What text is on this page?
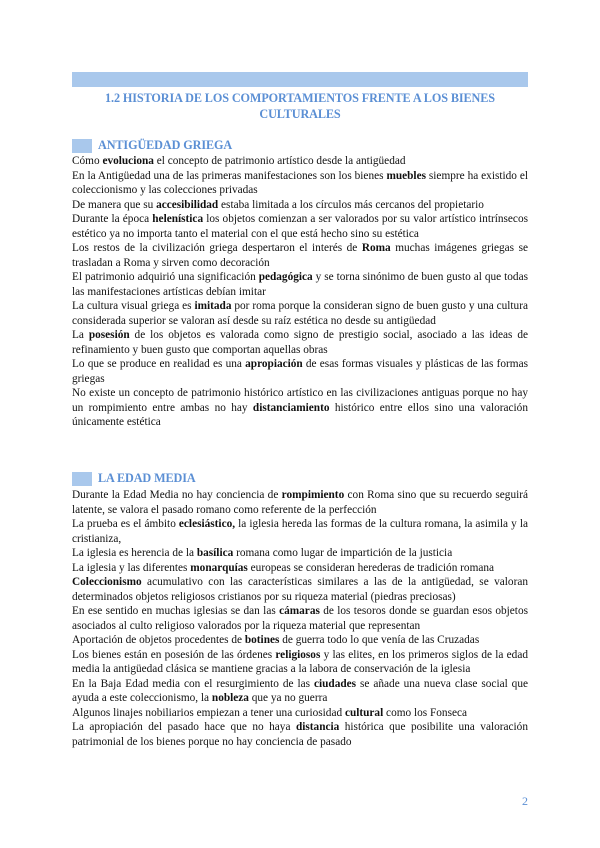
1.2 HISTORIA DE LOS COMPORTAMIENTOS FRENTE A LOS BIENES CULTURALES
ANTIGÜEDAD GRIEGA

Cómo evoluciona el concepto de patrimonio artístico desde la antigüedad

En la Antigüedad una de las primeras manifestaciones son los bienes muebles siempre ha existido el coleccionismo y las colecciones privadas

De manera que su accesibilidad estaba limitada a los círculos más cercanos del propietario

Durante la época helenística los objetos comienzan a ser valorados por su valor artístico intrínsecos estético ya no importa tanto el material con el que está hecho sino su estética

Los restos de la civilización griega despertaron el interés de Roma muchas imágenes griegas se trasladan a Roma y sirven como decoración

El patrimonio adquirió una significación pedagógica y se torna sinónimo de buen gusto al que todas las manifestaciones artísticas debían imitar

La cultura visual griega es imitada por roma porque la consideran signo de buen gusto y una cultura considerada superior se valoran así desde su raíz estética no desde su antigüedad

La posesión de los objetos es valorada como signo de prestigio social, asociado a las ideas de refinamiento y buen gusto que comportan aquellas obras

Lo que se produce en realidad es una apropiación de esas formas visuales y plásticas de las formas griegas

No existe un concepto de patrimonio histórico artístico en las civilizaciones antiguas porque no hay un rompimiento entre ambas no hay distanciamiento histórico entre ellos sino una valoración únicamente estética

LA EDAD MEDIA

Durante la Edad Media no hay conciencia de rompimiento con Roma sino que su recuerdo seguirá latente, se valora el pasado romano como referente de la perfección

La prueba es el ámbito eclesiástico, la iglesia hereda las formas de la cultura romana, la asimila y la cristianiza,

La iglesia es herencia de la basílica romana como lugar de impartición de la justicia

La iglesia y las diferentes monarquías europeas se consideran herederas de tradición romana

Coleccionismo acumulativo con las características similares a las de la antigüedad, se valoran determinados objetos religiosos cristianos por su riqueza material (piedras preciosas)

En ese sentido en muchas iglesias se dan las cámaras de los tesoros donde se guardan esos objetos asociados al culto religioso valorados por la riqueza material que representan

Aportación de objetos procedentes de botines de guerra todo lo que venía de las Cruzadas

Los bienes están en posesión de las órdenes religiosos y las elites, en los primeros siglos de la edad media la antigüedad clásica se mantiene gracias a la labora de conservación de la iglesia

En la Baja Edad media con el resurgimiento de las ciudades se añade una nueva clase social que ayuda a este coleccionismo, la nobleza que ya no guerra

Algunos linajes nobiliarios empiezan a tener una curiosidad cultural como los Fonseca

La apropiación del pasado hace que no haya distancia histórica que posibilite una valoración patrimonial de los bienes porque no hay conciencia de pasado

2
